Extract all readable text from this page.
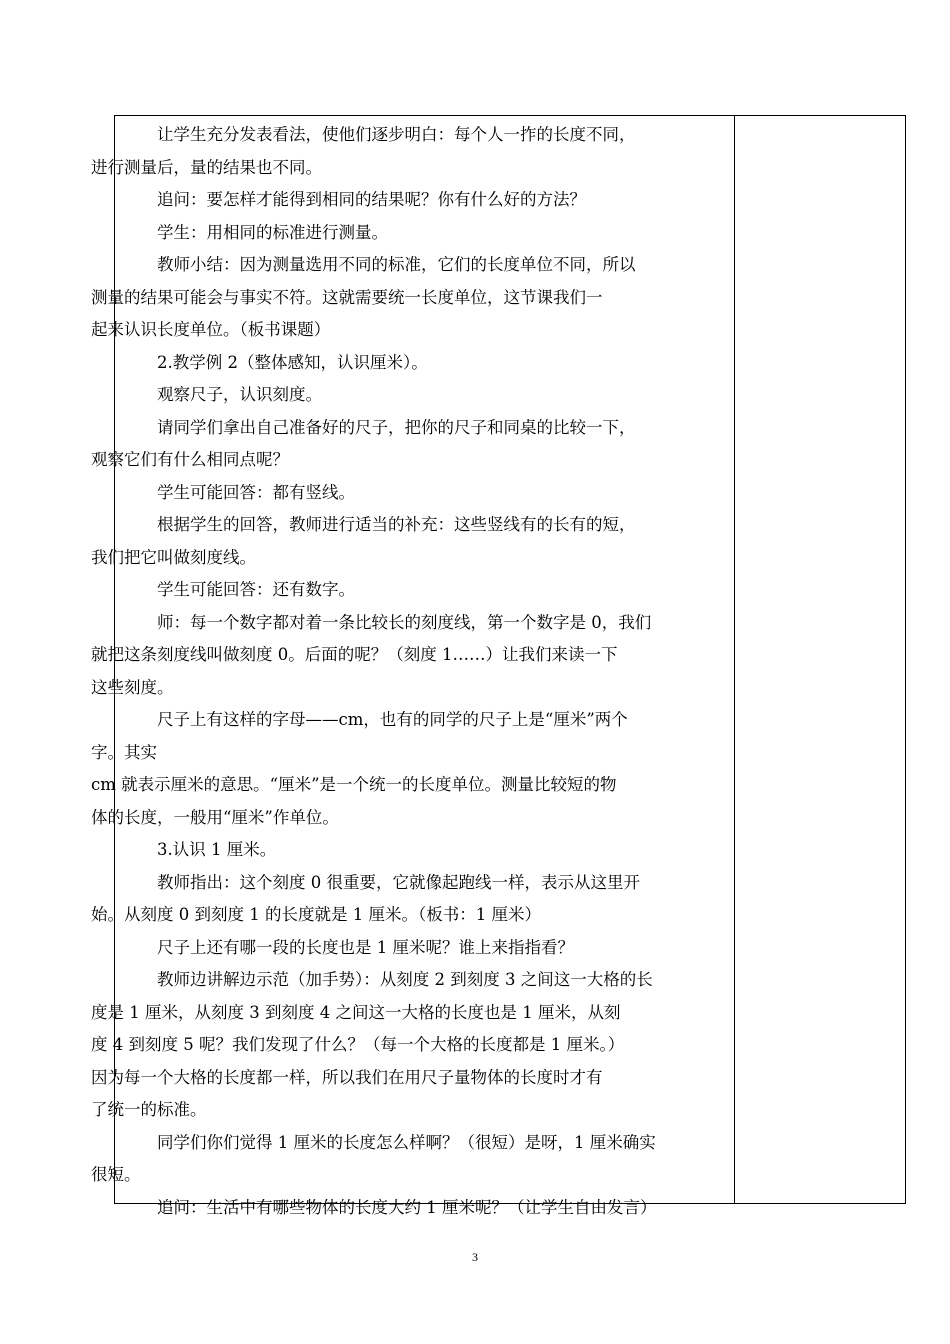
让学生充分发表看法，使他们逐步明白：每个人一拃的长度不同，
进行测量后，量的结果也不同。

追问：要怎样才能得到相同的结果呢？你有什么好的方法？

学生：用相同的标准进行测量。

教师小结：因为测量选用不同的标准，它们的长度单位不同，所以
测量的结果可能会与事实不符。这就需要统一长度单位，这节课我们一
起来认识长度单位。（板书课题）

2.教学例 2（整体感知，认识厘米）。

观察尺子，认识刻度。

请同学们拿出自己准备好的尺子，把你的尺子和同桌的比较一下，
观察它们有什么相同点呢？

学生可能回答：都有竖线。

根据学生的回答，教师进行适当的补充：这些竖线有的长有的短，
我们把它叫做刻度线。

学生可能回答：还有数字。

师：每一个数字都对着一条比较长的刻度线，第一个数字是 0，我们
就把这条刻度线叫做刻度 0。后面的呢？（刻度 1……）让我们来读一下
这些刻度。

尺子上有这样的字母——cm，也有的同学的尺子上是“厘米”两个
字。其实
cm 就表示厘米的意思。“厘米”是一个统一的长度单位。测量比较短的物
体的长度，一般用“厘米”作单位。

3.认识 1 厘米。

教师指出：这个刻度 0 很重要，它就像起跑线一样，表示从这里开
始。从刻度 0 到刻度 1 的长度就是 1 厘米。（板书：1 厘米）

尺子上还有哪一段的长度也是 1 厘米呢？谁上来指指看？

教师边讲解边示范（加手势）：从刻度 2 到刻度 3 之间这一大格的长
度是 1 厘米，从刻度 3 到刻度 4 之间这一大格的长度也是 1 厘米，从刻
度 4 到刻度 5 呢？我们发现了什么？（每一个大格的长度都是 1 厘米。）
因为每一个大格的长度都一样，所以我们在用尺子量物体的长度时才有
了统一的标准。

同学们你们觉得 1 厘米的长度怎么样啊？（很短）是呀，1 厘米确实
很短。

追问：生活中有哪些物体的长度大约 1 厘米呢？（让学生自由发言）

3
